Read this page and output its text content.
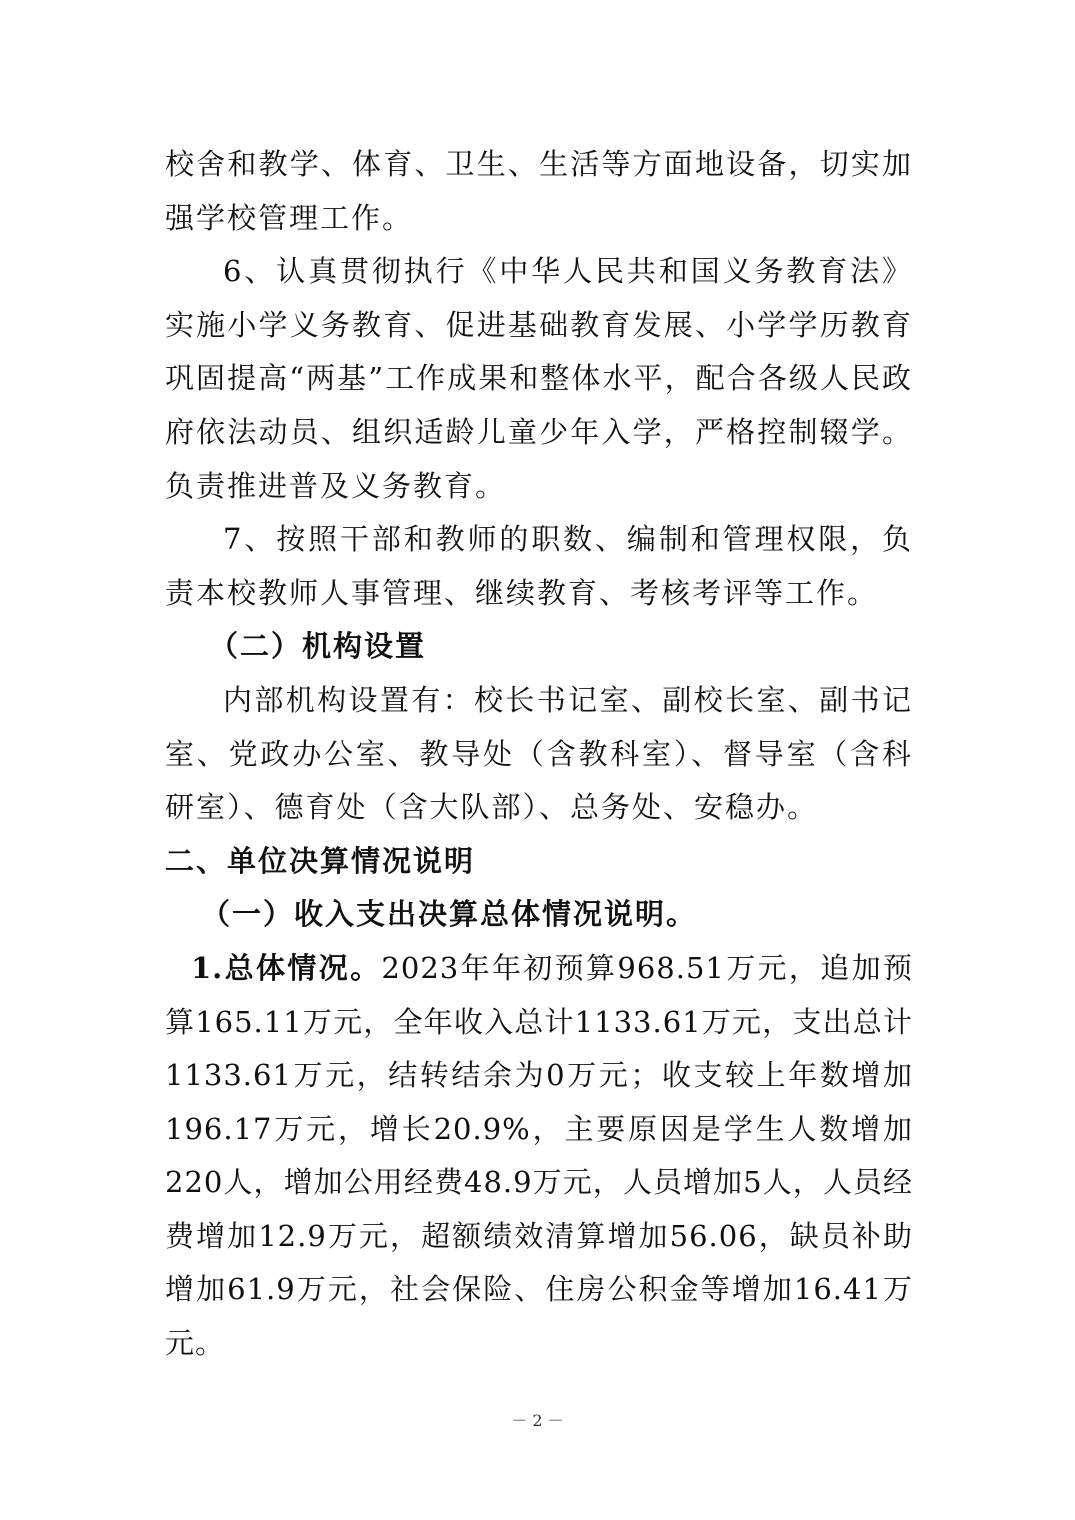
校舍和教学、体育、卫生、生活等方面地设备，切实加强学校管理工作。

6、认真贯彻执行《中华人民共和国义务教育法》实施小学义务教育、促进基础教育发展、小学学历教育巩固提高“两基”工作成果和整体水平，配合各级人民政府依法动员、组织适龄儿童少年入学，严格控制辍学。负责推进普及义务教育。

7、按照干部和教师的职数、编制和管理权限，负责本校教师人事管理、继续教育、考核考评等工作。

（二）机构设置

内部机构设置有：校长书记室、副校长室、副书记室、党政办公室、教导处（含教科室）、督导室（含科研室）、德育处（含大队部）、总务处、安稳办。

二、单位决算情况说明

（一）收入支出决算总体情况说明。

1.总体情况。2023年年初预算968.51万元，追加预算165.11万元，全年收入总计1133.61万元，支出总计1133.61万元，结转结余为0万元；收支较上年数增加196.17万元，增长20.9%，主要原因是学生人数增加220人，增加公用经费48.9万元，人员增加5人，人员经费增加12.9万元，超额绩效清算增加56.06，缺员补助增加61.9万元，社会保险、住房公积金等增加16.41万元。

－ 2 －
